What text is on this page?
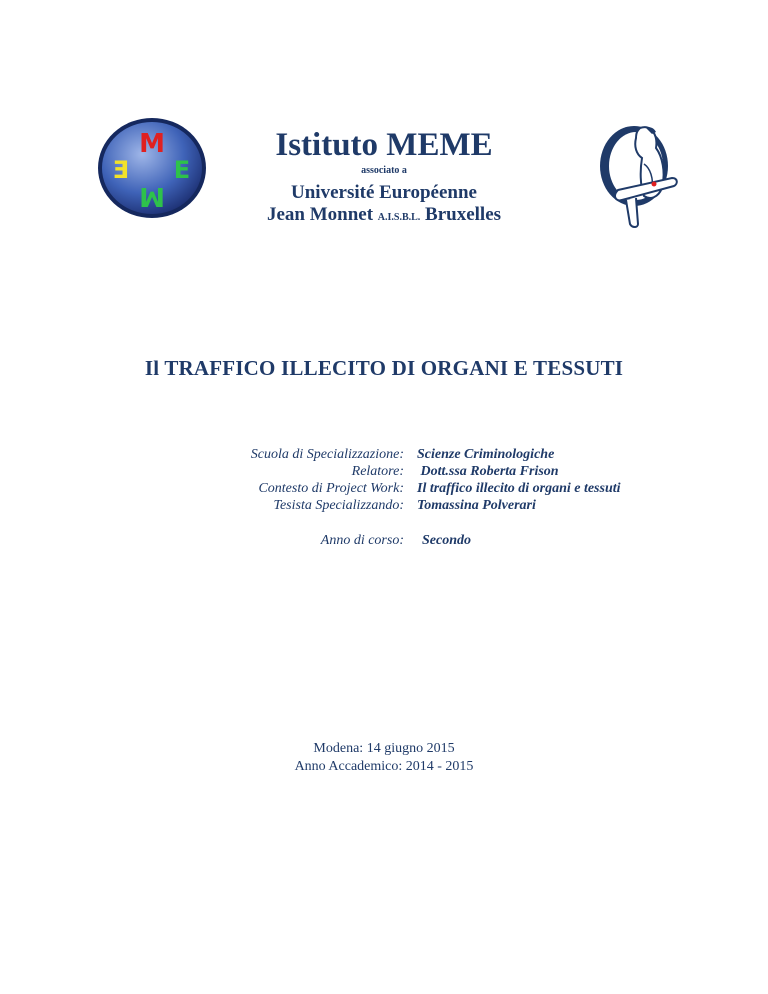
M
E
M
E
Istituto MEME
associato a
Université Européenne
Jean Monnet A.I.S.B.L. Bruxelles
Il TRAFFICO ILLECITO DI ORGANI E TESSUTI
Scuola di Specializzazione: Scienze Criminologiche
Relatore: Dott.ssa Roberta Frison
Contesto di Project Work: Il traffico illecito di organi e tessuti
Tesista Specializzando: Tomassina Polverari
Anno di corso: Secondo
Modena: 14 giugno 2015
Anno Accademico: 2014 - 2015
